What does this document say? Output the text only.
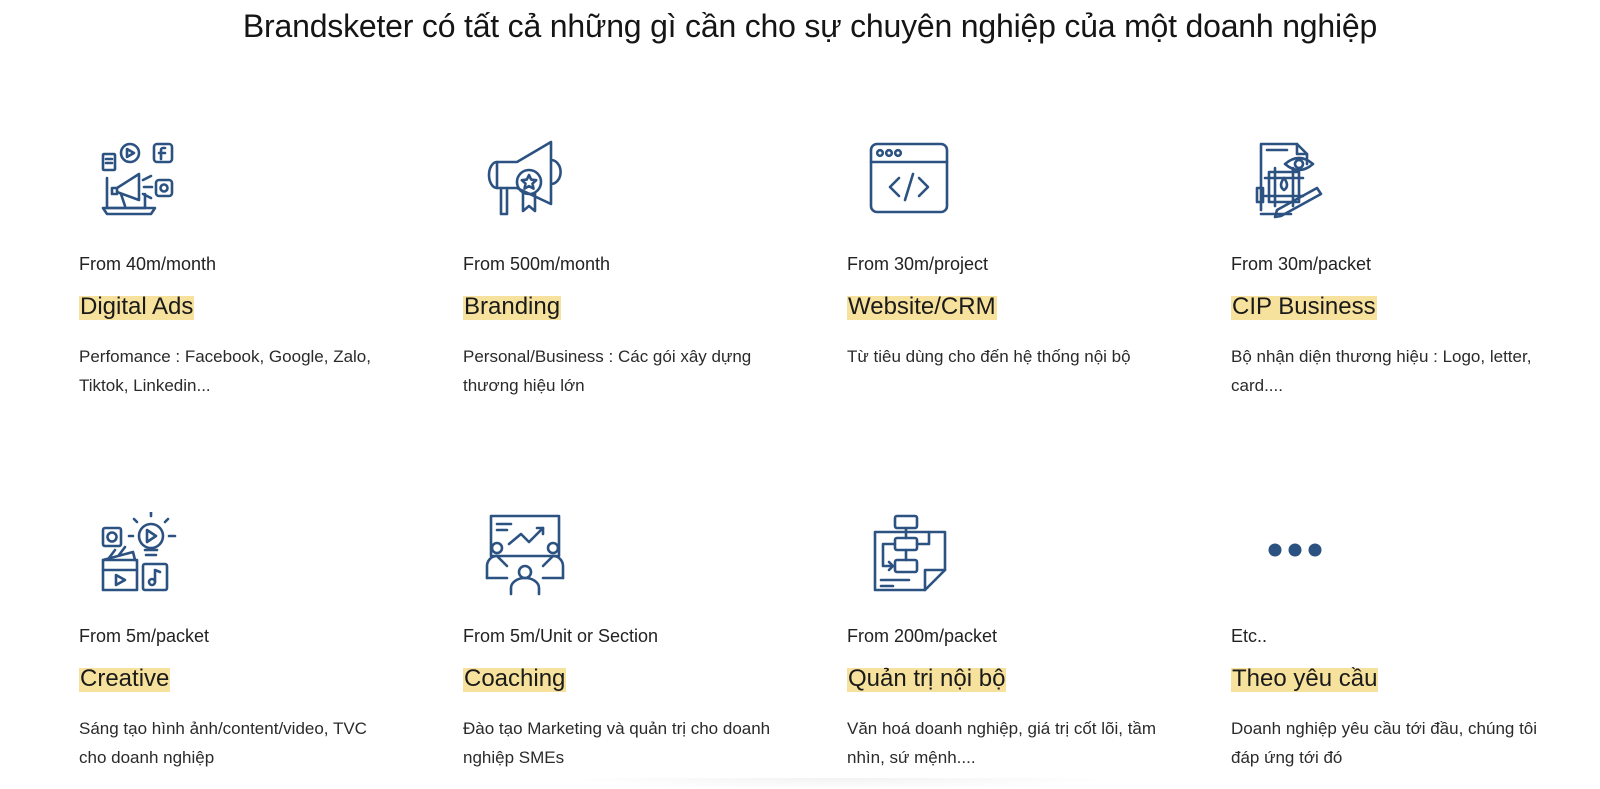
Brandsketer có tất cả những gì cần cho sự chuyên nghiệp của một doanh nghiệp
From 40m/month
Digital Ads
Perfomance : Facebook, Google, Zalo, Tiktok, Linkedin...
From 500m/month
Branding
Personal/Business : Các gói xây dựng thương hiệu lớn
From 30m/project
Website/CRM
Từ tiêu dùng cho đến hệ thống nội bộ
From 30m/packet
CIP Business
Bộ nhận diện thương hiệu : Logo, letter, card....
From 5m/packet
Creative
Sáng tạo hình ảnh/content/video, TVC cho doanh nghiệp
From 5m/Unit or Section
Coaching
Đào tạo Marketing và quản trị cho doanh nghiệp SMEs
From 200m/packet
Quản trị nội bộ
Văn hoá doanh nghiệp, giá trị cốt lõi, tầm nhìn, sứ mệnh....
Etc..
Theo yêu cầu
Doanh nghiệp yêu cầu tới đầu, chúng tôi đáp ứng tới đó
